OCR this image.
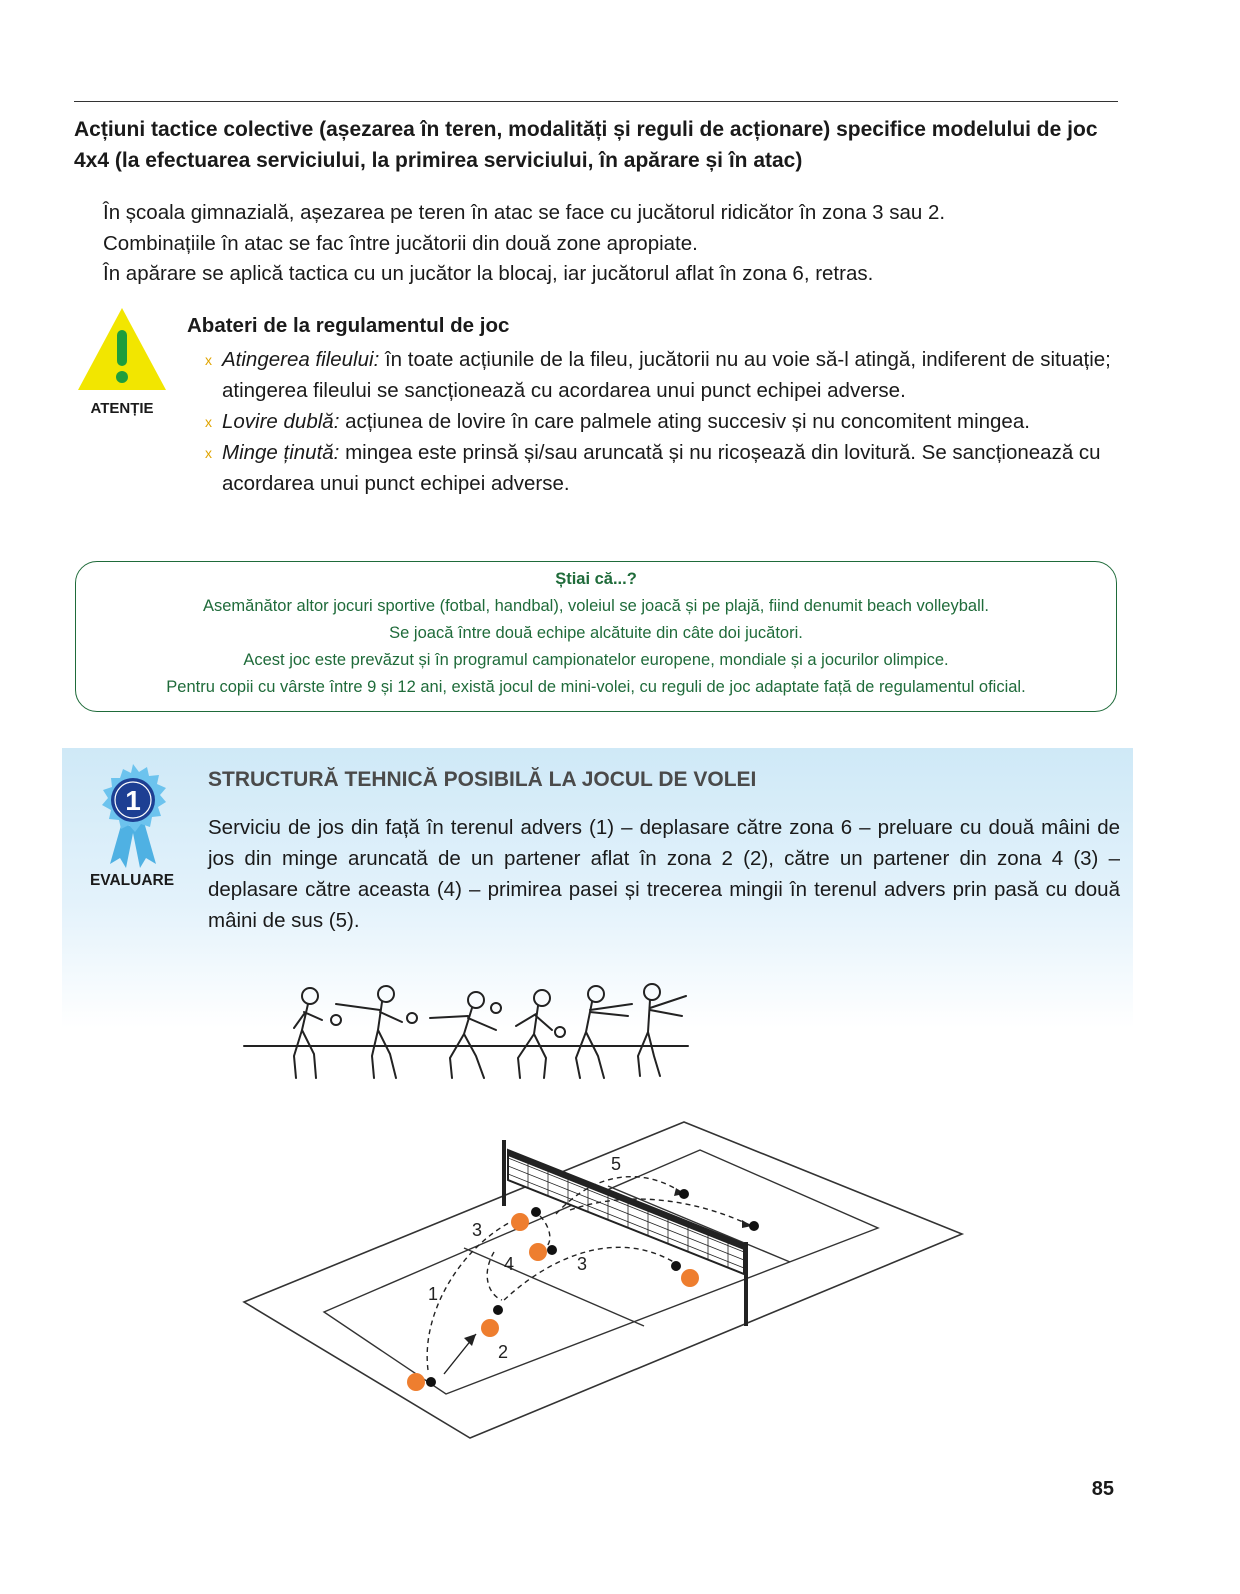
Acțiuni tactice colective (așezarea în teren, modalități și reguli de acționare) specifice modelului de joc 4x4 (la efectuarea serviciului, la primirea serviciului, în apărare și în atac)

În școala gimnazială, așezarea pe teren în atac se face cu jucătorul ridicător în zona 3 sau 2.

Combinațiile în atac se fac între jucătorii din două zone apropiate.

În apărare se aplică tactica cu un jucător la blocaj, iar jucătorul aflat în zona 6, retras.

ATENȚIE
Abateri de la regulamentul de joc
x Atingerea fileului: în toate acțiunile de la fileu, jucătorii nu au voie să-l atingă, indiferent de situație; atingerea fileului se sancționează cu acordarea unui punct echipei adverse.
x Lovire dublă: acțiunea de lovire în care palmele ating succesiv și nu concomitent mingea.
x Minge ținută: mingea este prinsă și/sau aruncată și nu ricoșează din lovitură. Se sancționează cu acordarea unui punct echipei adverse.
Știai că...?
Asemănător altor jocuri sportive (fotbal, handbal), voleiul se joacă și pe plajă, fiind denumit beach volleyball.
Se joacă între două echipe alcătuite din câte doi jucători.
Acest joc este prevăzut și în programul campionatelor europene, mondiale și a jocurilor olimpice.
Pentru copii cu vârste între 9 și 12 ani, există jocul de mini-volei, cu reguli de joc adaptate față de regulamentul oficial.
1
EVALUARE
STRUCTURĂ TEHNICĂ POSIBILĂ LA JOCUL DE VOLEI
Serviciu de jos din față în terenul advers (1) – deplasare către zona 6 – preluare cu două mâini de jos din minge aruncată de un partener aflat în zona 2 (2), către un partener din zona 4 (3) – deplasare către aceasta (4) – primirea pasei și trecerea mingii în terenul advers prin pasă cu două mâini de sus (5).
1
2
3
4	3
5
85
